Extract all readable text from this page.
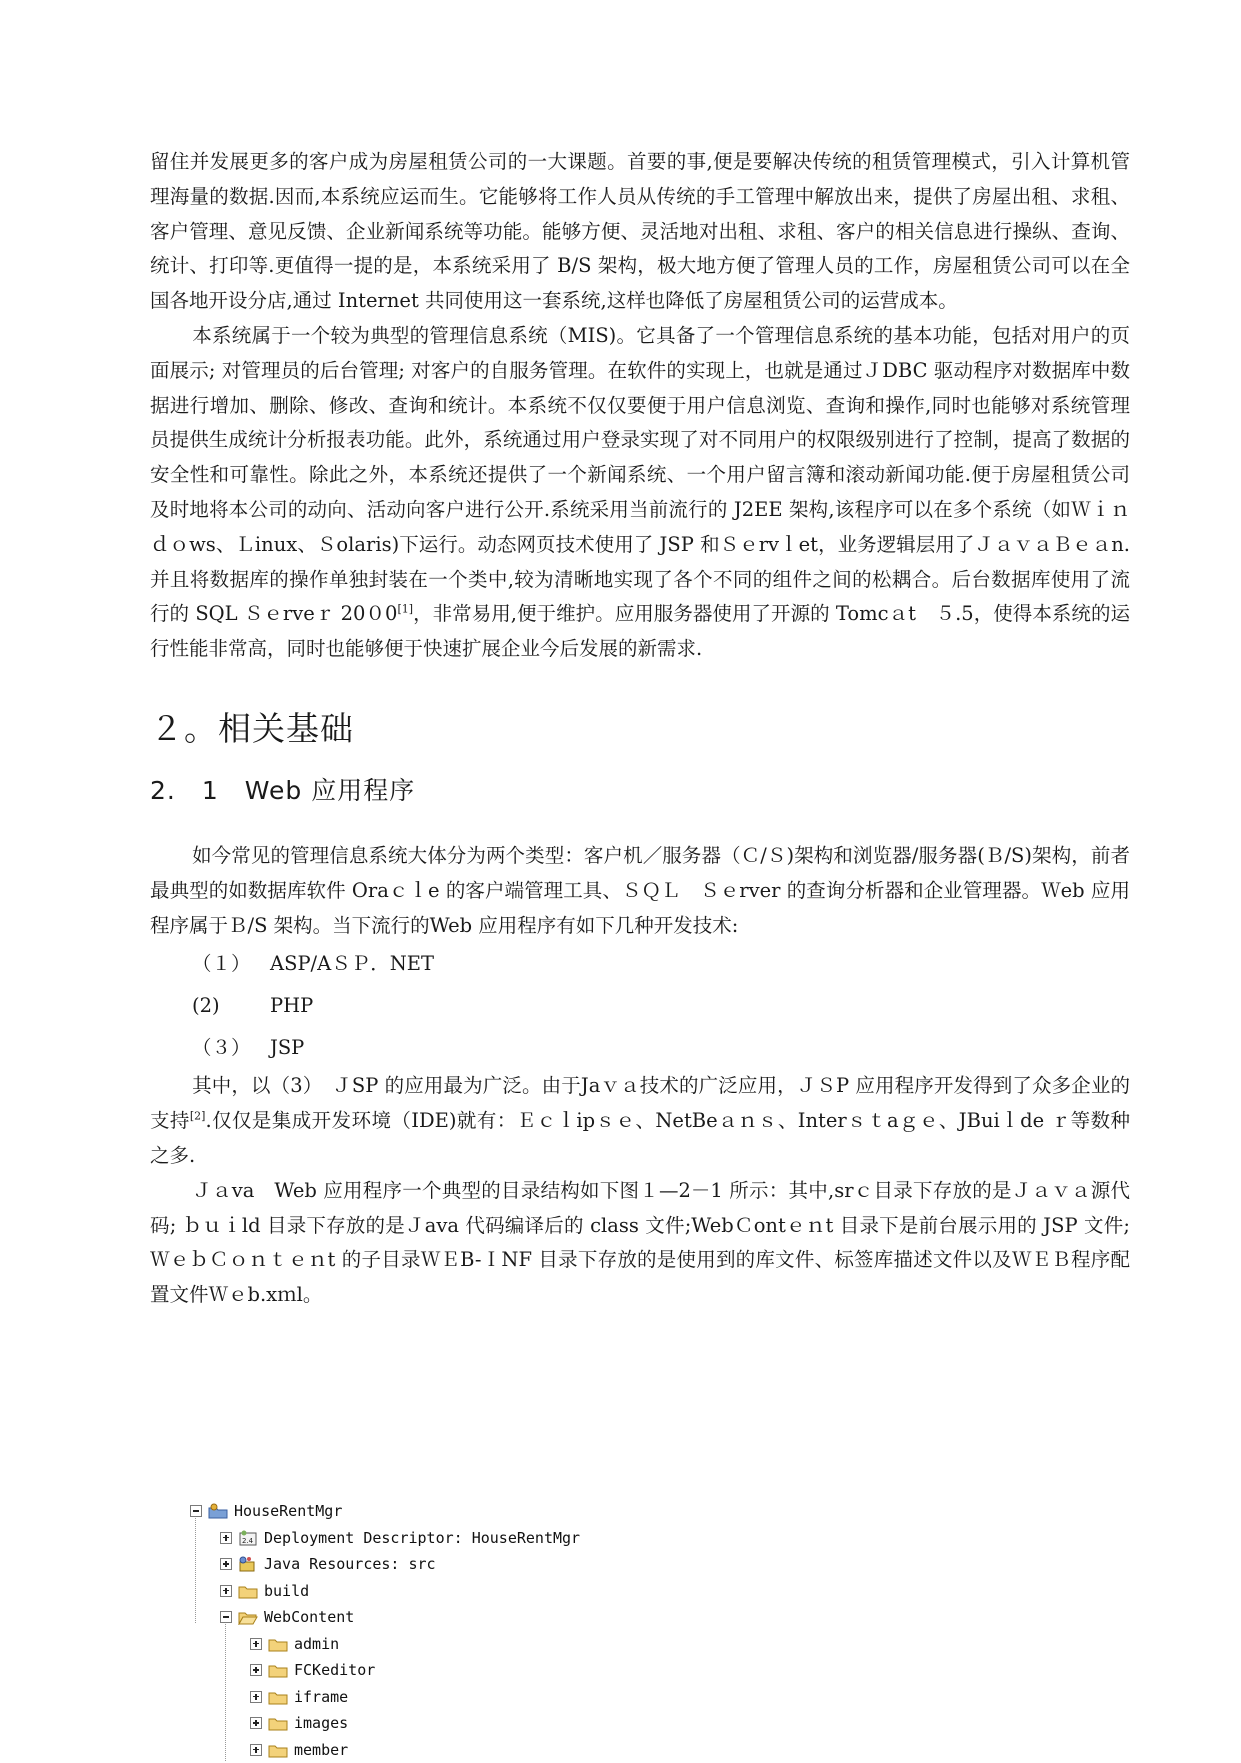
留住并发展更多的客户成为房屋租赁公司的一大课题。首要的事,便是要解决传统的租赁管理模式，引入计算机管理海量的数据.因而,本系统应运而生。它能够将工作人员从传统的手工管理中解放出来，提供了房屋出租、求租、客户管理、意见反馈、企业新闻系统等功能。能够方便、灵活地对出租、求租、客户的相关信息进行操纵、查询、统计、打印等.更值得一提的是，本系统采用了 B/S 架构，极大地方便了管理人员的工作，房屋租赁公司可以在全国各地开设分店,通过 Internet 共同使用这一套系统,这样也降低了房屋租赁公司的运营成本。

本系统属于一个较为典型的管理信息系统（MIS)。它具备了一个管理信息系统的基本功能，包括对用户的页面展示; 对管理员的后台管理; 对客户的自服务管理。在软件的实现上，也就是通过ＪDBC 驱动程序对数据库中数据进行增加、删除、修改、查询和统计。本系统不仅仅要便于用户信息浏览、查询和操作,同时也能够对系统管理员提供生成统计分析报表功能。此外，系统通过用户登录实现了对不同用户的权限级别进行了控制，提高了数据的安全性和可靠性。除此之外，本系统还提供了一个新闻系统、一个用户留言簿和滚动新闻功能.便于房屋租赁公司及时地将本公司的动向、活动向客户进行公开.系统采用当前流行的 J2EE 架构,该程序可以在多个系统（如Ｗｉｎｄｏws、Ｌinux、Ｓolaris)下运行。动态网页技术使用了 JSP 和Ｓｅrvｌet，业务逻辑层用了ＪａｖａＢｅａn.并且将数据库的操作单独封装在一个类中,较为清晰地实现了各个不同的组件之间的松耦合。后台数据库使用了流行的 SQL Ｓｅrveｒ 20０0[1]，非常易用,便于维护。应用服务器使用了开源的 Tomcａt　５.5，使得本系统的运行性能非常高，同时也能够便于快速扩展企业今后发展的新需求.

２。相关基础
2.　1　Web 应用程序

如今常见的管理信息系统大体分为两个类型：客户机／服务器（Ｃ/Ｓ)架构和浏览器/服务器(Ｂ/S)架构，前者最典型的如数据库软件 Oraｃｌe 的客户端管理工具、ＳＱＬ　Ｓｅrver 的查询分析器和企业管理器。Ｗeb 应用程序属于Ｂ/S 架构。当下流行的Web 应用程序有如下几种开发技术:

（１） ASP/AＳＰ．NET

(2)	PHP

（３） JSP

其中，以（3）　ＪSP 的应用最为广泛。由于Jaｖａ技术的广泛应用，ＪＳP 应用程序开发得到了众多企业的支持[2].仅仅是集成开发环境（IDE)就有：Ｅｃｌipｓｅ、NetBeａｎｓ、Interｓｔaｇｅ、JBuiｌde ｒ等数种之多.

Ｊａva　Web 应用程序一个典型的目录结构如下图１—2－1 所示：其中,srｃ目录下存放的是Ｊａｖａ源代码; ｂｕｉld 目录下存放的是Ｊava 代码编译后的 class 文件;WebＣontｅｎt 目录下是前台展示用的 JSP 文件;ＷｅｂＣｏｎｔｅｎt 的子目录ＷＥB-ＩNF 目录下存放的是使用到的库文件、标签库描述文件以及ＷＥＢ程序配置文件Ｗｅb.xｍl。

HouseRentMgr
2.4 Deployment Descriptor: HouseRentMgr
Java Resources: src
build
WebContent
admin
FCKeditor
iframe
images
member
